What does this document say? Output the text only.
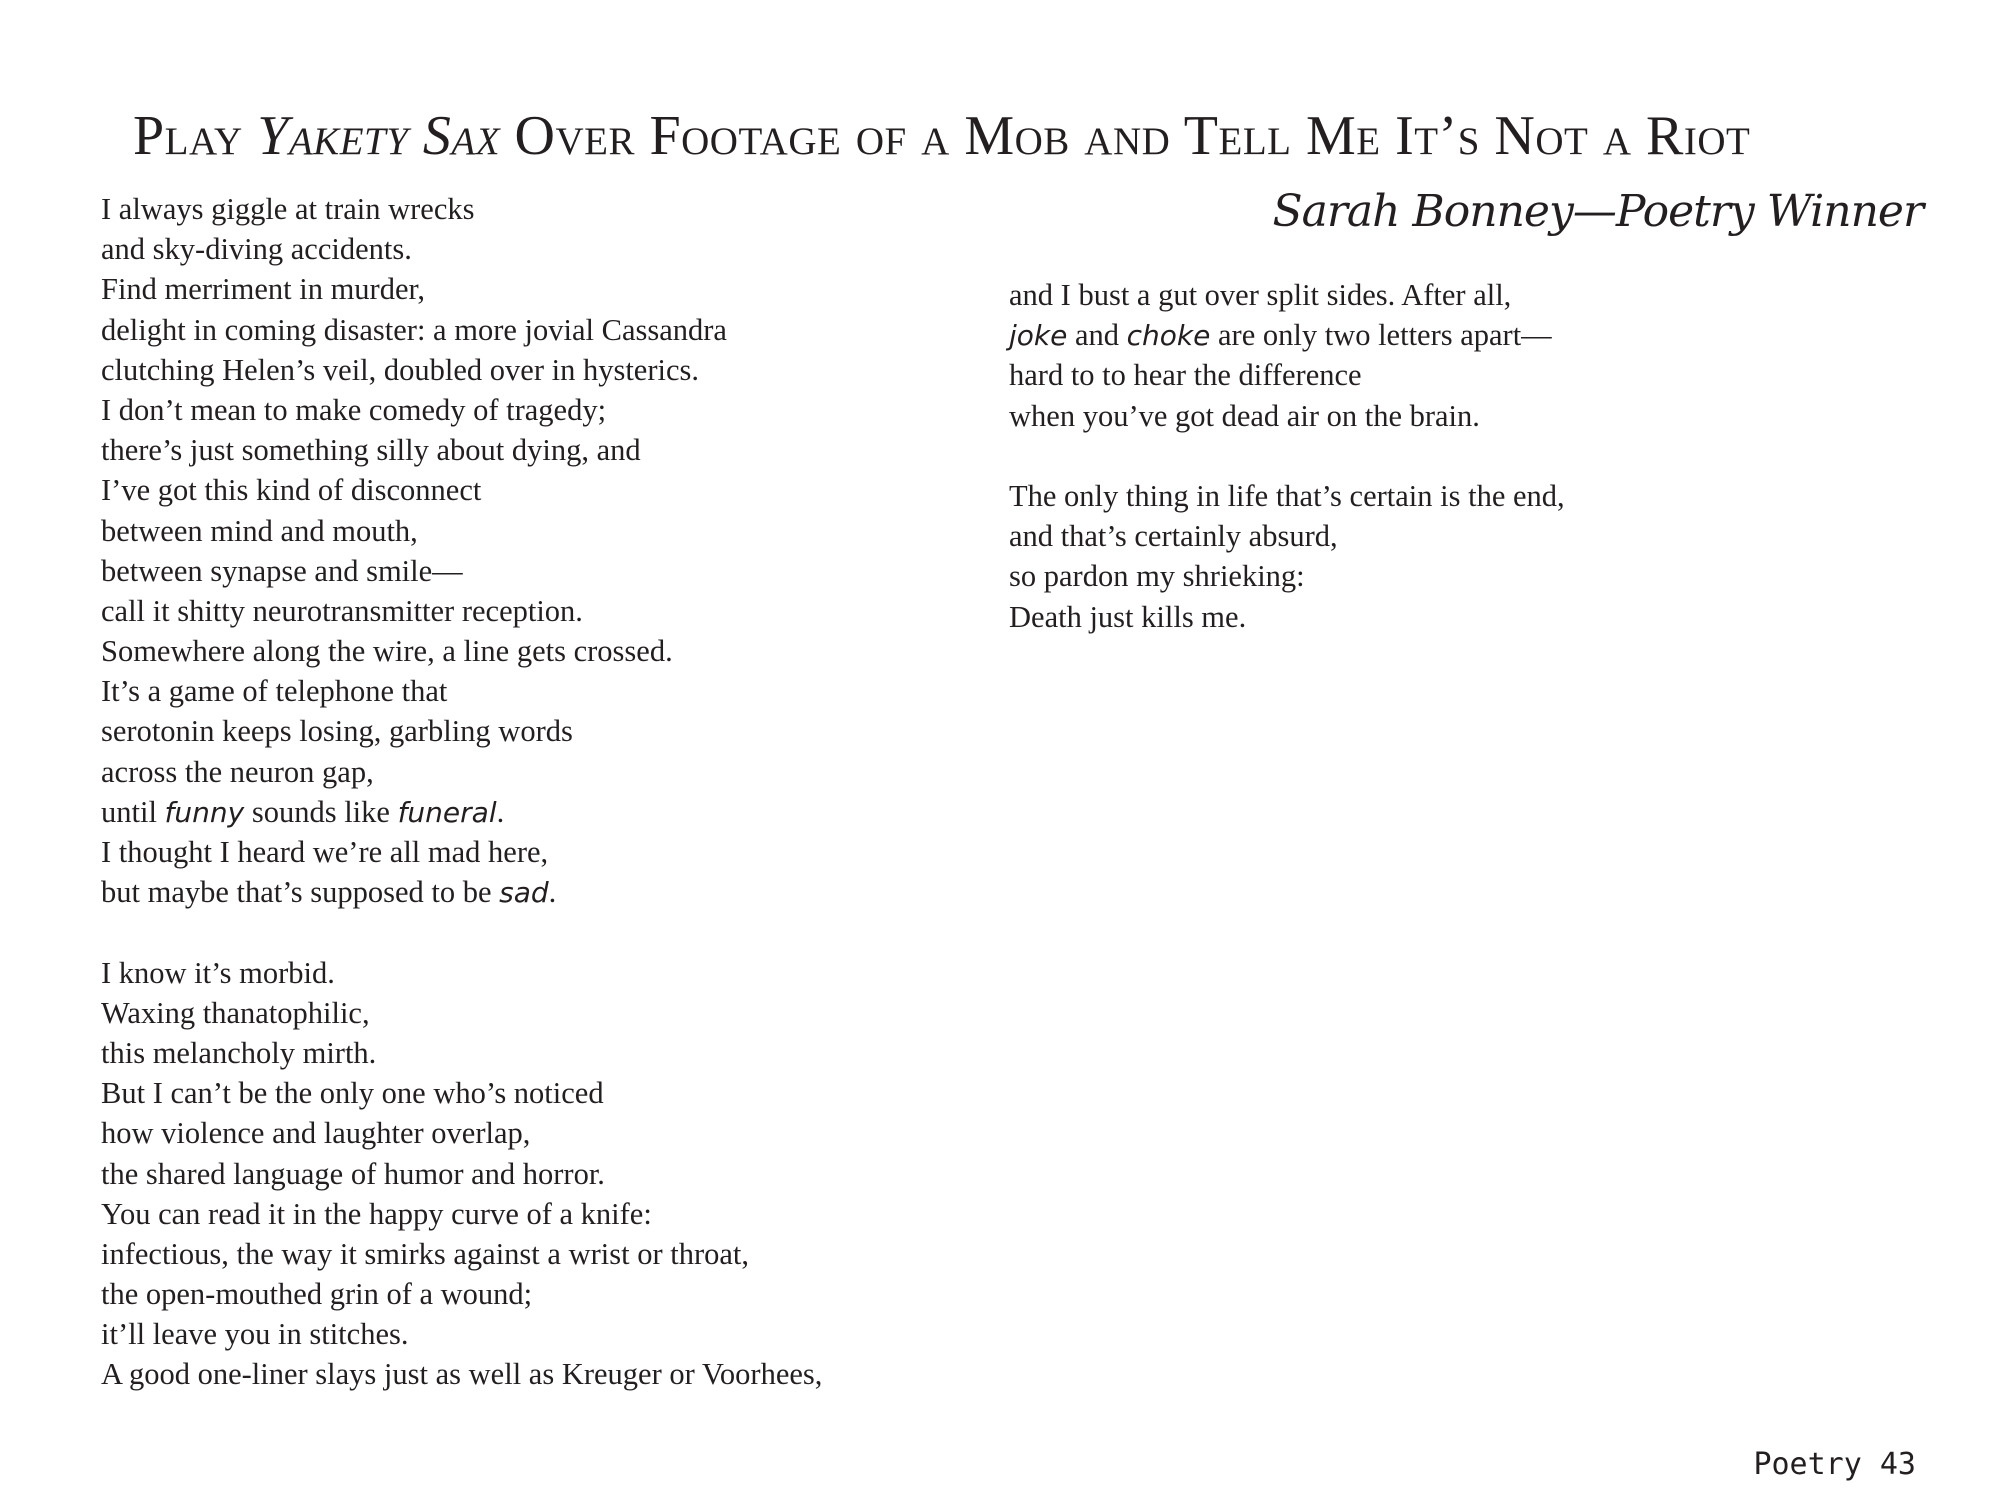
Play Yakety Sax Over Footage of a Mob and Tell Me It’s Not a Riot
Sarah Bonney—Poetry Winner
I always giggle at train wrecks
and sky-diving accidents.
Find merriment in murder,
delight in coming disaster: a more jovial Cassandra
clutching Helen’s veil, doubled over in hysterics.
I don’t mean to make comedy of tragedy;
there’s just something silly about dying, and
I’ve got this kind of disconnect
between mind and mouth,
between synapse and smile—
call it shitty neurotransmitter reception.
Somewhere along the wire, a line gets crossed.
It’s a game of telephone that
serotonin keeps losing, garbling words
across the neuron gap,
until funny sounds like funeral.
I thought I heard we’re all mad here,
but maybe that’s supposed to be sad.
I know it’s morbid.
Waxing thanatophilic,
this melancholy mirth.
But I can’t be the only one who’s noticed
how violence and laughter overlap,
the shared language of humor and horror.
You can read it in the happy curve of a knife:
infectious, the way it smirks against a wrist or throat,
the open-mouthed grin of a wound;
it’ll leave you in stitches.
A good one-liner slays just as well as Kreuger or Voorhees,
and I bust a gut over split sides. After all,
joke and choke are only two letters apart—
hard to to hear the difference
when you’ve got dead air on the brain.
The only thing in life that’s certain is the end,
and that’s certainly absurd,
so pardon my shrieking:
Death just kills me.
Poetry 43
